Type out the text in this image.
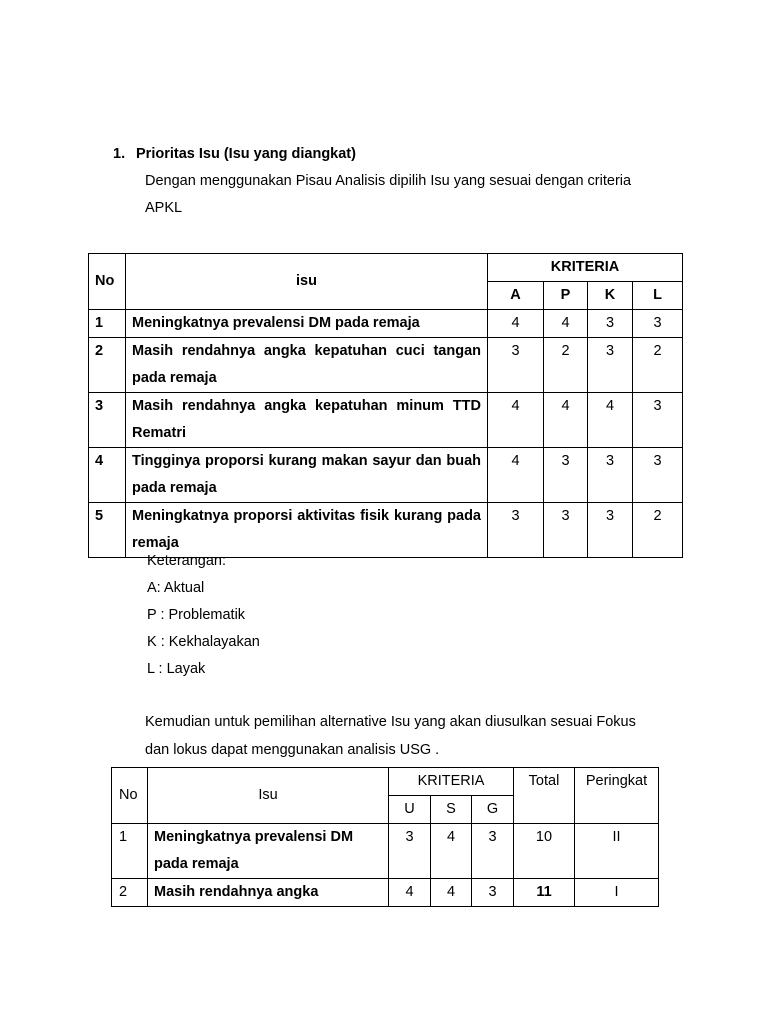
1. Prioritas Isu (Isu yang diangkat)
Dengan menggunakan Pisau Analisis dipilih Isu yang sesuai dengan criteria
APKL
No	isu	KRITERIA			
		A	P	K	L
1	Meningkatnya prevalensi DM pada remaja	4	4	3	3
2	Masih rendahnya angka kepatuhan cuci tangan pada remaja	3	2	3	2
3	Masih rendahnya angka kepatuhan minum TTD Rematri	4	4	4	3
4	Tingginya proporsi kurang makan sayur dan buah pada remaja	4	3	3	3
5	Meningkatnya proporsi aktivitas fisik kurang pada remaja	3	3	3	2
Keterangan:
A: Aktual
P : Problematik
K : Kekhalayakan
L : Layak
Kemudian untuk pemilihan alternative Isu yang akan diusulkan sesuai Fokus
dan lokus dapat menggunakan analisis USG .
No	Isu	KRITERIA			Total	Peringkat
		U	S	G		
1	Meningkatnya prevalensi DM pada remaja	3	4	3	10	II
2	Masih rendahnya angka	4	4	3	11	I
